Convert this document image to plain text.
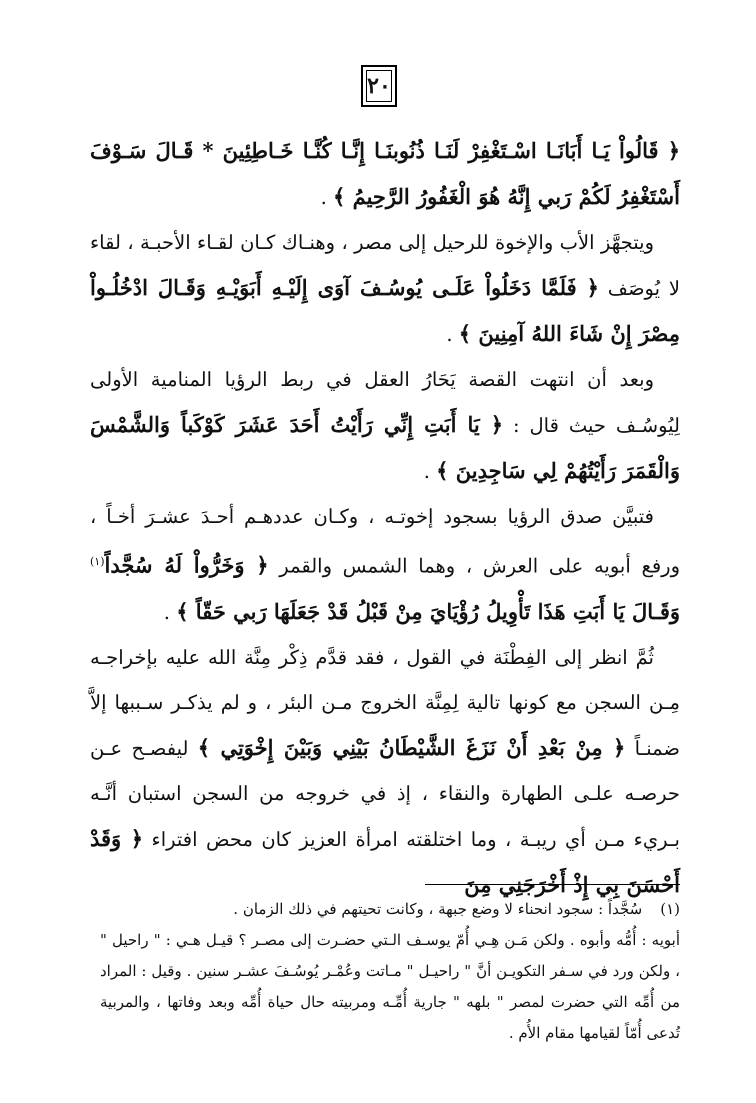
٢٠

﴿ قَالُواْ يَـا أَبَانَـا اسْـتَغْفِرْ لَنَـا ذُنُوبنَـا إِنَّـا كُنَّـا خَـاطِئِينَ * قَـالَ سَـوْفَ أَسْتَغْفِرُ لَكُمْ رَبي إِنَّهُ هُوَ الْغَفُورُ الرَّحِيمُ ﴾ .

ويتجهَّز الأب والإخوة للرحيل إلى مصر ، وهنـاك كـان لقـاء الأحبـة ، لقاء لا يُوصَف ﴿ فَلَمَّا دَخَلُواْ عَلَـى يُوسُـفَ آوَى إِلَيْـهِ أَبَوَيْـهِ وَقَـالَ ادْخُلُـواْ مِصْرَ إِنْ شَاءَ اللهُ آمِنِينَ ﴾ .

وبعد أن انتهت القصة يَحَارُ العقل في ربط الرؤيا المنامية الأولى لِيُوسُـف حيث قال : ﴿ يَا أَبَتِ إِنِّي رَأَيْتُ أَحَدَ عَشَرَ كَوْكَباً وَالشَّمْسَ وَالْقَمَرَ رَأَيْتُهُمْ لِي سَاجِدِينَ ﴾ .

فتبيَّن صدق الرؤيا بسجود إخوتـه ، وكـان عددهـم أحـدَ عشـرَ أخـاً ، ورفع أبويه على العرش ، وهما الشمس والقمر ﴿ وَخَرُّواْ لَهُ سُجَّداً$^{(١)}$ وَقَـالَ يَا أَبَتِ هَذَا تَأْوِيلُ رُؤْيَايَ مِنْ قَبْلُ قَدْ جَعَلَهَا رَبي حَقّاً ﴾ .

ثُمَّ انظر إلى الفِطْنَة في القول ، فقد قدَّم ذِكْر مِنَّة الله عليه بإخراجـه مِـن السجن مع كونها تالية لِمِنَّة الخروج مـن البئر ، و لم يذكـر سـببها إلاَّ ضمنـاً ﴿ مِنْ بَعْدِ أَنْ نَزَغَ الشَّيْطَانُ بَيْنِي وَبَيْنَ إِخْوَتِي ﴾ ليفصـح عـن حرصـه علـى الطهارة والنقاء ، إذ في خروجه من السجن استبان أنَّـه بـريء مـن أي ريبـة ، وما اختلقته امرأة العزيز كان محض افتراء ﴿ وَقَدْ أَحْسَنَ بِي إِذْ أَخْرَجَنِي مِنَ

(١)سُجَّداً : سجود انحناء لا وضع جبهة ، وكانت تحيتهم في ذلك الزمان .

أبويه : أُمُّه وأبوه . ولكن مَـن هِـي أُمّ يوسـف الـتي حضـرت إلى مصـر ؟ قيـل هـي : " راحيل " ، ولكن ورد في سـفر التكويـن أنَّ " راحيـل " مـاتت وعُمْـر يُوسُـفَ عشـر سنين . وقيل : المراد من أُمِّه التي حضرت لمصر " بلهه " جارية أُمِّـه ومربيته حال حياة أُمِّه وبعد وفاتها ، والمربية تُدعى أُمّاً لقيامها مقام الأُم .
